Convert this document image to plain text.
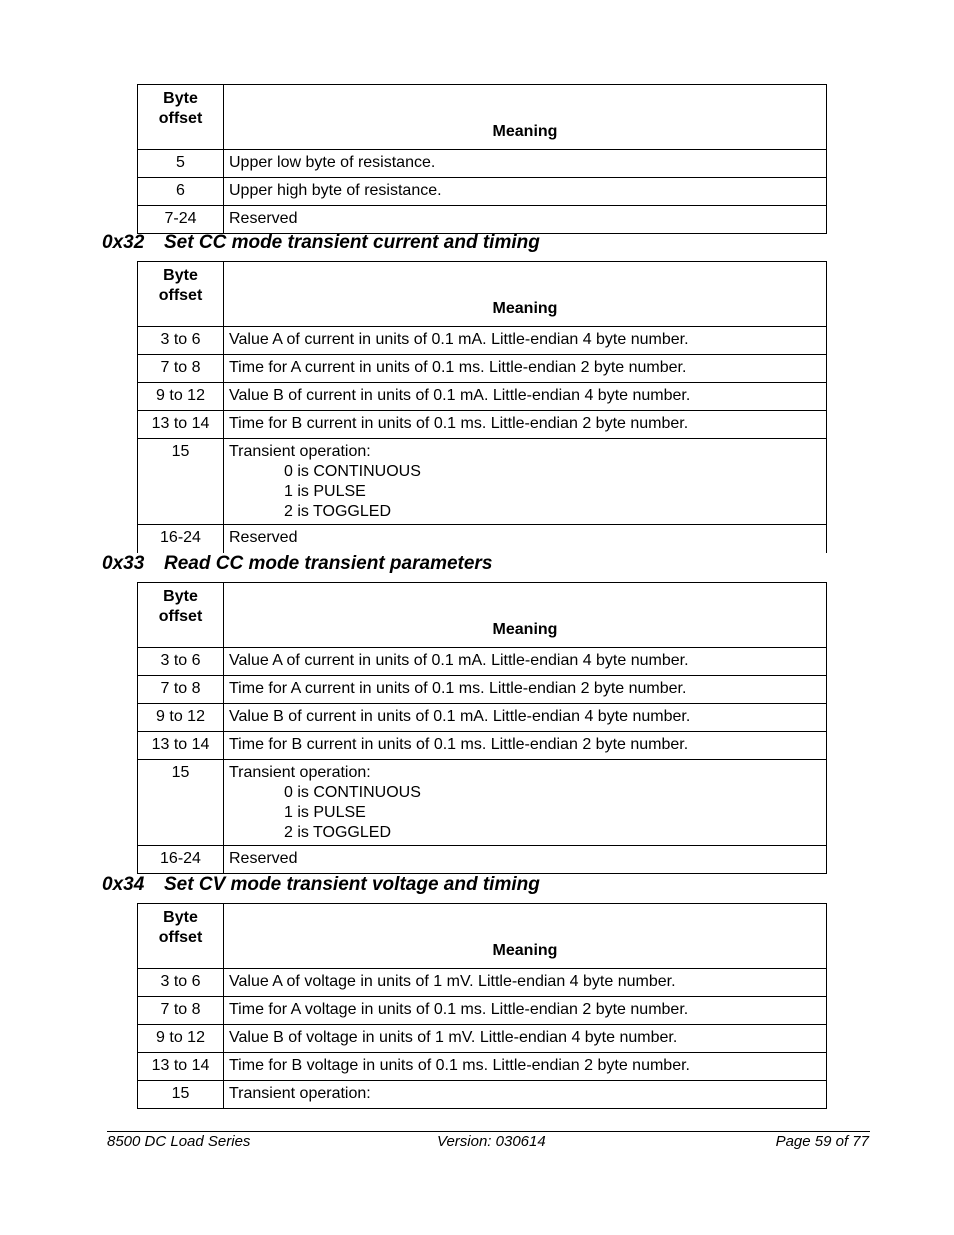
Byte
offset	Meaning
5	Upper low byte of resistance.
6	Upper high byte of resistance.
7-24	Reserved
0x32 Set CC mode transient current and timing
Byte
offset	Meaning
3 to 6	Value A of current in units of 0.1 mA. Little-endian 4 byte number.
7 to 8	Time for A current in units of 0.1 ms. Little-endian 2 byte number.
9 to 12	Value B of current in units of 0.1 mA. Little-endian 4 byte number.
13 to 14	Time for B current in units of 0.1 ms. Little-endian 2 byte number.
15	Transient operation:
0 is CONTINUOUS
1 is PULSE
2 is TOGGLED

16-24	Reserved
0x33 Read CC mode transient parameters
Byte
offset	Meaning
3 to 6	Value A of current in units of 0.1 mA. Little-endian 4 byte number.
7 to 8	Time for A current in units of 0.1 ms. Little-endian 2 byte number.
9 to 12	Value B of current in units of 0.1 mA. Little-endian 4 byte number.
13 to 14	Time for B current in units of 0.1 ms. Little-endian 2 byte number.
15	Transient operation:
0 is CONTINUOUS
1 is PULSE
2 is TOGGLED

16-24	Reserved
0x34 Set CV mode transient voltage and timing
Byte
offset	Meaning
3 to 6	Value A of voltage in units of 1 mV. Little-endian 4 byte number.
7 to 8	Time for A voltage in units of 0.1 ms. Little-endian 2 byte number.
9 to 12	Value B of voltage in units of 1 mV. Little-endian 4 byte number.
13 to 14	Time for B voltage in units of 0.1 ms. Little-endian 2 byte number.
15	Transient operation:
8500 DC Load Series	Version: 030614	Page 59 of 77
